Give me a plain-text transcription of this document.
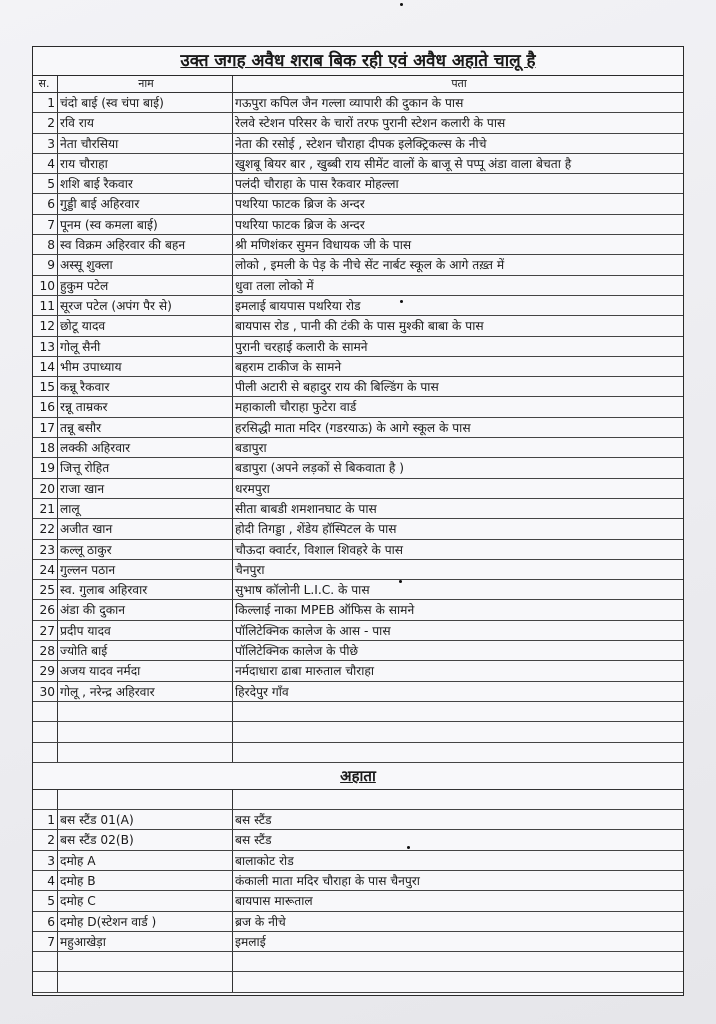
उक्त जगह अवैध शराब बिक रही एवं अवैध अहाते चालू है
स.	नाम	पता
1 चंदो बाई (स्व चंपा बाई)	गऊपुरा कपिल जैन गल्ला व्यापारी की दुकान के पास
2 रवि राय	रेलवे स्टेशन परिसर के चारों तरफ पुरानी स्टेशन कलारी के पास
3 नेता चौरसिया	नेता की रसोई , स्टेशन चौराहा दीपक इलेक्ट्रिकल्स के नीचे
4 राय चौराहा	खुशबू बियर बार , खुब्बी राय सीमेंट वालों के बाजू से पप्पू अंडा वाला बेचता है
5 शशि बाई रैकवार	पलंदी चौराहा के पास रैकवार मोहल्ला
6 गुड्डी बाई अहिरवार	पथरिया फाटक ब्रिज के अन्दर
7 पूनम (स्व कमला बाई)	पथरिया फाटक ब्रिज के अन्दर
8 स्व विक्रम अहिरवार की बहन	श्री मणिशंकर सुमन विधायक जी के पास
9 अस्सू शुक्ला	लोको , इमली के पेड़ के नीचे सेंट नार्बट स्कूल के आगे तख़्त में
10 हुकुम पटेल	धुवा तला लोको में
11 सूरज पटेल (अपंग पैर से)	इमलाई बायपास पथरिया रोड
12 छोटू यादव	बायपास रोड , पानी की टंकी के पास मुश्की बाबा के पास
13 गोलू सैनी	पुरानी चरहाई कलारी के सामने
14 भीम उपाध्याय	बहराम टाकीज के सामने
15 कन्नू रैकवार	पीली अटारी से बहादुर राय की बिल्डिंग के पास
16 रन्नू ताम्रकर	महाकाली चौराहा फुटेरा वार्ड
17 तन्नू बसौर	हरसिद्धी माता मदिर (गडरयाऊ) के आगे स्कूल के पास
18 लक्की अहिरवार	बडापुरा
19 जित्तू रोहित	बडापुरा (अपने लड़कों से बिकवाता है )
20 राजा खान	धरमपुरा
21 लालू	सीता बाबडी शमशानघाट के पास
22 अजीत खान	होदी तिगड्डा , शेंडेय हॉस्पिटल के पास
23 कल्लू ठाकुर	चौऊदा क्वार्टर, विशाल शिवहरे के पास
24 गुल्लन पठान	चैनपुरा
25 स्व. गुलाब अहिरवार	सुभाष कॉलोनी L.I.C. के पास
26 अंडा की दुकान	किल्लाई नाका MPEB ऑफिस के सामने
27 प्रदीप यादव	पॉलिटेक्निक कालेज के आस - पास
28 ज्योति बाई	पॉलिटेक्निक कालेज के पीछे
29 अजय यादव नर्मदा	नर्मदाधारा ढाबा मारुताल चौराहा
30 गोलू , नरेन्द्र अहिरवार	हिरदेपुर गाँव
अहाता
1 बस स्टैंड 01(A)	बस स्टैंड
2 बस स्टैंड 02(B)	बस स्टैंड
3 दमोह A	बालाकोट रोड
4 दमोह B	कंकाली माता मदिर चौराहा के पास चैनपुरा
5 दमोह C	बायपास मारूताल
6 दमोह D(स्टेशन वार्ड )	ब्रज के नीचे
7 महुआखेड़ा	इमलाई
